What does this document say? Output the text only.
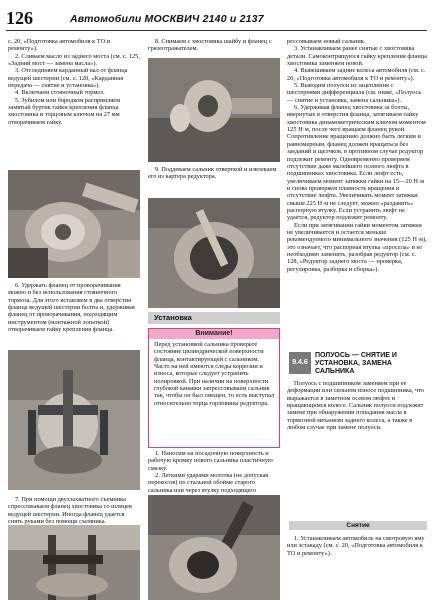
126	Автомобили МОСКВИЧ 2140 и 2137

с. 20, «Подготовка автомобиля к ТО и ремонту»).

2. Сливаем масло из заднего моста (см. с. 125, «Задний мост — замена масла»).

3. Отсоединяем карданный вал от фланца ведущей шестерни (см. с. 120, «Карданная передача — снятие и установка»).

4. Включаем стояночный тормоз.

5. Зубилом или бородком распрямляем замятый буртик гайки крепления фланца хвостовика и торцовым ключом на 27 мм отворачиваем гайку.

6. Удержать фланец от проворачивания можно и без использования стояночного тормоза. Для этого вставляем в два отверстия фланца ведущей шестерни болты и, удерживая фланец от проворачивания, подходящим инструментом (монтажной лопаткой) отворачиваем гайку крепления фланца.

7. При помощи двухзахватного съемника спрессовываем фланец хвостовика со шлицев ведущей шестерни. Иногда фланец удается снять руками без помощи съемника.

8. Снимаем с хвостовика шайбу и фланец с грязеотражателем.

9. Поддеваем сальник отверткой и извлекаем его из картера редуктора.

Установка
Внимание!
Перед установкой сальника проверьте состояние цилиндрической поверхности фланца, контактирующей с сальником. Часто на ней имеются следы коррозии и износа, которые следует устранить полировкой. При наличии на поверхности глубокой канавки запрессовываем сальник так, чтобы он был смещен, то есть выступал относительно торца горловины редуктора.

1. Наносим на посадочную поверхность и рабочую кромку нового сальника пластичную смазку.

2. Легкими ударами молотка (не допуская перекосов) по стальной обойме старого сальника или через втулку подходящего

рессовываем новый сальник.

3. Устанавливаем ранее снятые с хвостовика детали. Самоконтрящуюся гайку крепления фланца хвостовика заменяем новой.

4. Вывешиваем задние колеса автомобиля (см. с. 20, «Подготовка автомобиля к ТО и ремонту»).

5. Выводим полуоси из зацепления с шестернями дифференциала (см. ниже, «Полуось — снятие и установка, замена сальника»).

6. Удерживая фланец хвостовика за болты, ввернутые в отверстия фланца, затягиваем гайку хвостовика динамометрическим ключом моментом 125 Н·м, после чего вращаем фланец рукой. Сопротивление вращению должно быть легким и равномерным, фланец должен вращаться без заеданий и щелчков, в противном случае редуктор подлежит ремонту. Одновременно проверяем отсутствие даже малейшего осевого люфта в подшипниках хвостовика. Если люфт есть, увеличиваем момент затяжки гайки на 15—20 Н·м и снова проверяем плавность вращения и отсутствие люфта. Увеличивать момент затяжки свыше 225 Н·м не следует, можно «раздавить» распорную втулку. Если устранить люфт не удается, редуктор подлежит ремонту.

Если при затягивании гайки моментом затяжки не увеличивается и остается меньше рекомендуемого минимального значения (125 Н·м), это означает, что распорная втулка «просела» и ее необходимо заменить, разобрав редуктор (см. с. 128, «Редуктор заднего моста — проверка, регулировка, разборка и сборка»).

9.4.6
ПОЛУОСЬ — СНЯТИЕ И УСТАНОВКА, ЗАМЕНА САЛЬНИКА

Полуось с подшипником заменяем при ее деформации или сильном износе подшипника, что выражается в заметном осевом люфте и вращающимся колесе. Сальник полуоси подлежит замене при обнаружении попадания масла в тормозной механизм заднего колеса, а также в любом случае при замене полуоси.

Снятие

1. Устанавливаем автомобиль на смотровую яму или эстакаду (см. с. 20, «Подготовка автомобиля к ТО и ремонту»).
